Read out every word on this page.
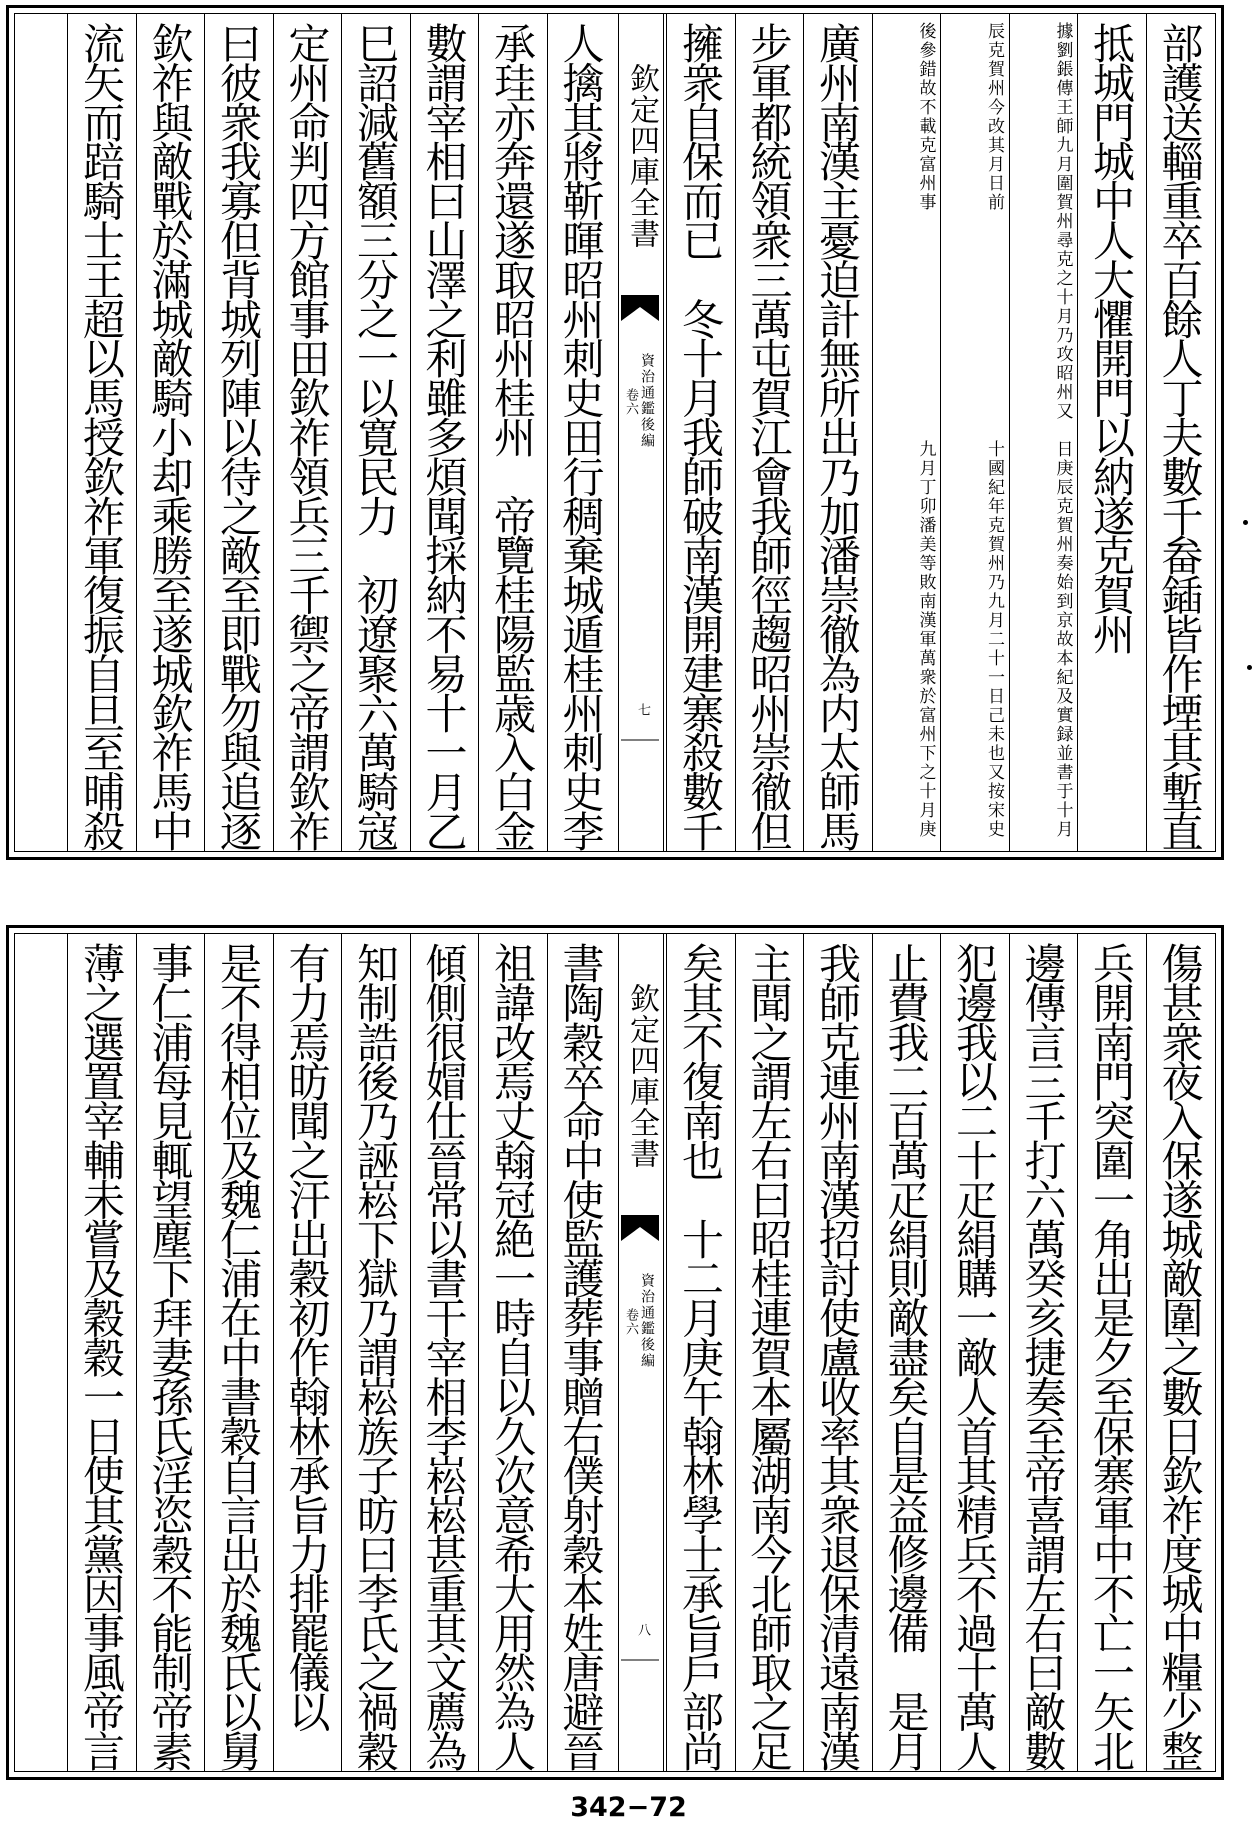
部護送輜重卒百餘人丁夫數千畚鍤皆作堙其塹直
抵城門城中人大懼開門以納遂克賀州
日庚辰克賀州奏始到京故本紀及實録並書于十月
據劉鋹傳王師九月圍賀州尋克之十月乃攻昭州又
十國紀年克賀州乃九月二十一日己未也又按宋史
辰克賀州今改其月日前
九月丁卯潘美等敗南漢軍萬衆於富州下之十月庚
後參錯故不載克富州事
廣州南漢主憂迫計無所出乃加潘崇徹為内太師馬
步軍都統領衆三萬屯賀江會我師徑趨昭州崇徹但
擁衆自保而已　冬十月我師破南漢開建寨殺數千
欽定四庫全書
資治通鑑後編
卷六
七
人擒其將靳暉昭州刺史田行稠棄城遁桂州刺史李
承珪亦奔還遂取昭州桂州　帝覽桂陽監歳入白金
數謂宰相曰山澤之利雖多煩聞採納不易十一月乙
巳詔減舊額三分之一以寛民力　初遼聚六萬騎寇
定州命判四方館事田欽祚領兵三千禦之帝謂欽祚
曰彼衆我寡但背城列陣以待之敵至即戰勿與追逐
欽祚與敵戰於滿城敵騎小却乘勝至遂城欽祚馬中
流矢而踣騎士王超以馬授欽祚軍復振自旦至晡殺
傷甚衆夜入保遂城敵圍之數日欽祚度城中糧少整
兵開南門突圍一角出是夕至保寨軍中不亡一矢北
邊傳言三千打六萬癸亥捷奏至帝喜謂左右曰敵數
犯邊我以二十疋絹購一敵人首其精兵不過十萬人
止費我二百萬疋絹則敵盡矣自是益修邊備　是月
我師克連州南漢招討使盧收率其衆退保清遠南漢
主聞之謂左右曰昭桂連賀本屬湖南今北師取之足
矣其不復南也　十二月庚午翰林學士承旨戶部尚
欽定四庫全書
資治通鑑後編
卷六
八
書陶穀卒命中使監護葬事贈右僕射穀本姓唐避晉
祖諱改焉丈翰冠絶一時自以久次意希大用然為人
傾側很媢仕晉常以書干宰相李崧崧甚重其文薦為
知制誥後乃誣崧下獄乃謂崧族子昉曰李氏之禍穀
有力焉昉聞之汗出穀初作翰林承旨力排罷儀以
是不得相位及魏仁浦在中書穀自言出於魏氏以舅
事仁浦每見輒望塵下拜妻孫氏淫恣穀不能制帝素
薄之選置宰輔未嘗及穀穀一日使其黨因事風帝言
342−72
